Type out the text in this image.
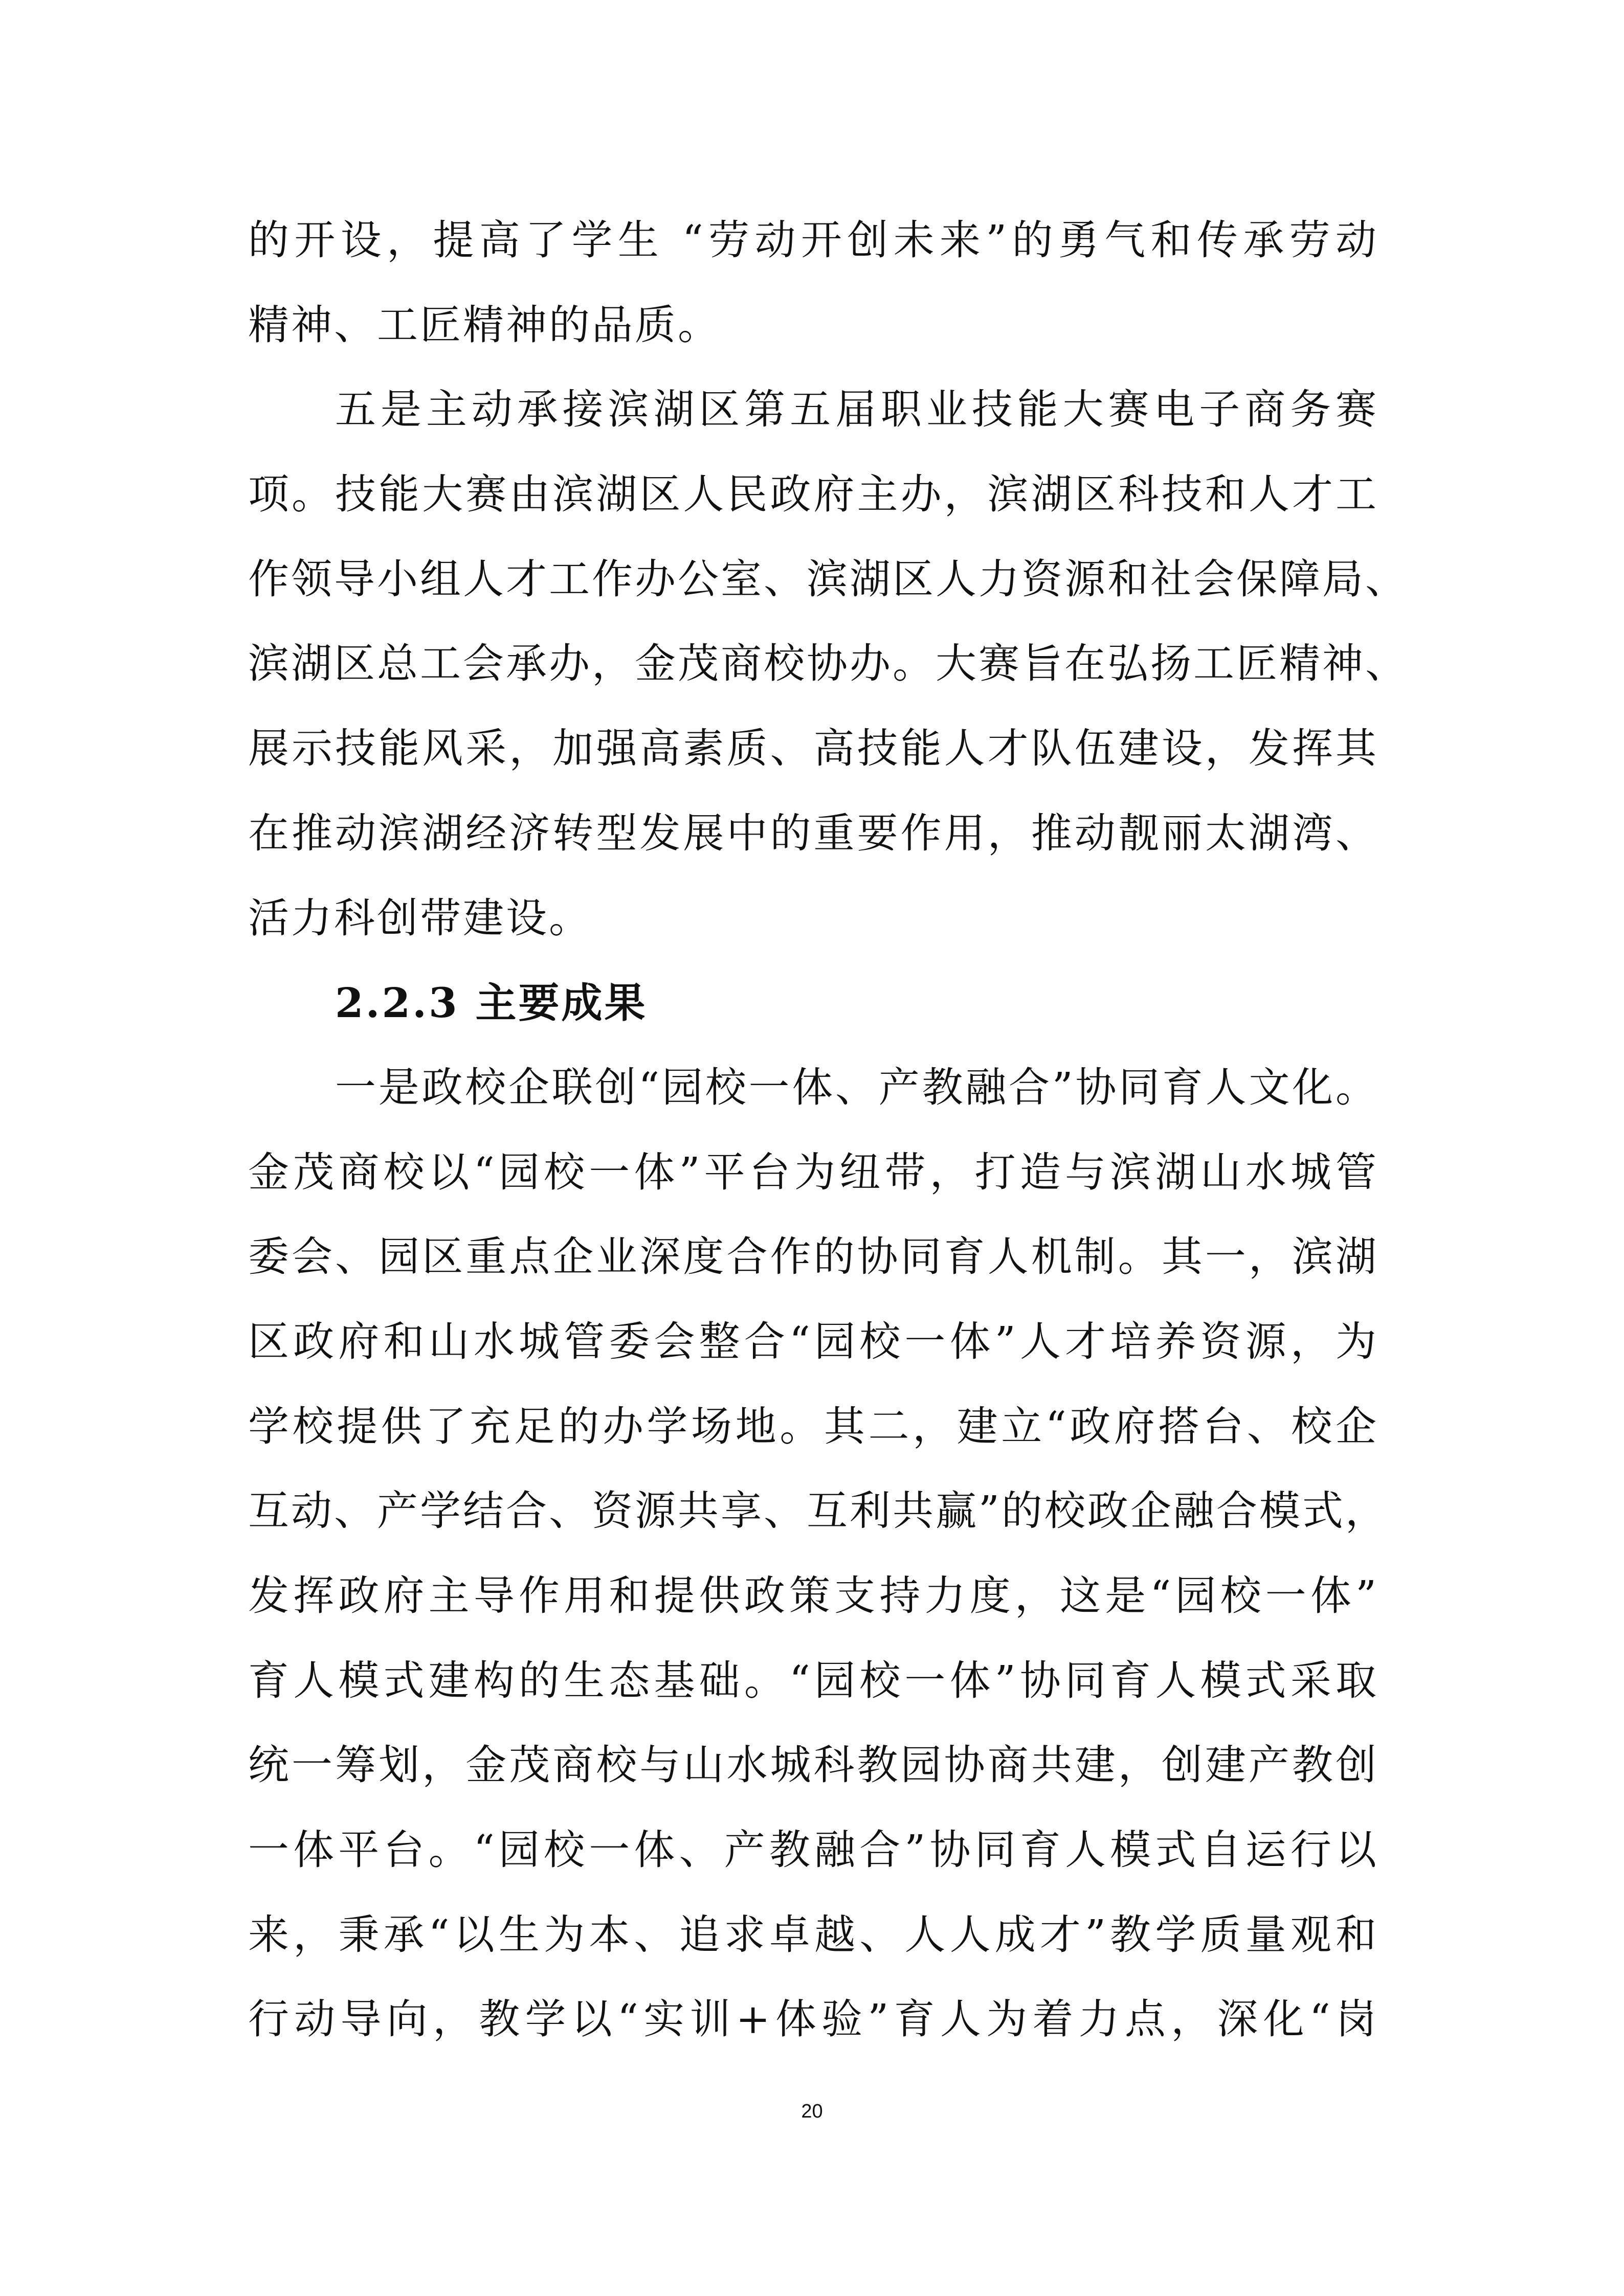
的开设，提高了学生 “劳动开创未来”的勇气和传承劳动
精神、工匠精神的品质。
五是主动承接滨湖区第五届职业技能大赛电子商务赛
项。技能大赛由滨湖区人民政府主办，滨湖区科技和人才工
作领导小组人才工作办公室、滨湖区人力资源和社会保障局、
滨湖区总工会承办，金茂商校协办。大赛旨在弘扬工匠精神、
展示技能风采，加强高素质、高技能人才队伍建设，发挥其
在推动滨湖经济转型发展中的重要作用，推动靓丽太湖湾、
活力科创带建设。
2.2.3 主要成果
一是政校企联创“园校一体、产教融合”协同育人文化。
金茂商校以“园校一体”平台为纽带，打造与滨湖山水城管
委会、园区重点企业深度合作的协同育人机制。其一，滨湖
区政府和山水城管委会整合“园校一体”人才培养资源，为
学校提供了充足的办学场地。其二，建立“政府搭台、校企
互动、产学结合、资源共享、互利共赢”的校政企融合模式，
发挥政府主导作用和提供政策支持力度，这是“园校一体”
育人模式建构的生态基础。“园校一体”协同育人模式采取
统一筹划，金茂商校与山水城科教园协商共建，创建产教创
一体平台。“园校一体、产教融合”协同育人模式自运行以
来，秉承“以生为本、追求卓越、人人成才”教学质量观和
行动导向，教学以“实训+体验”育人为着力点，深化“岗
20
